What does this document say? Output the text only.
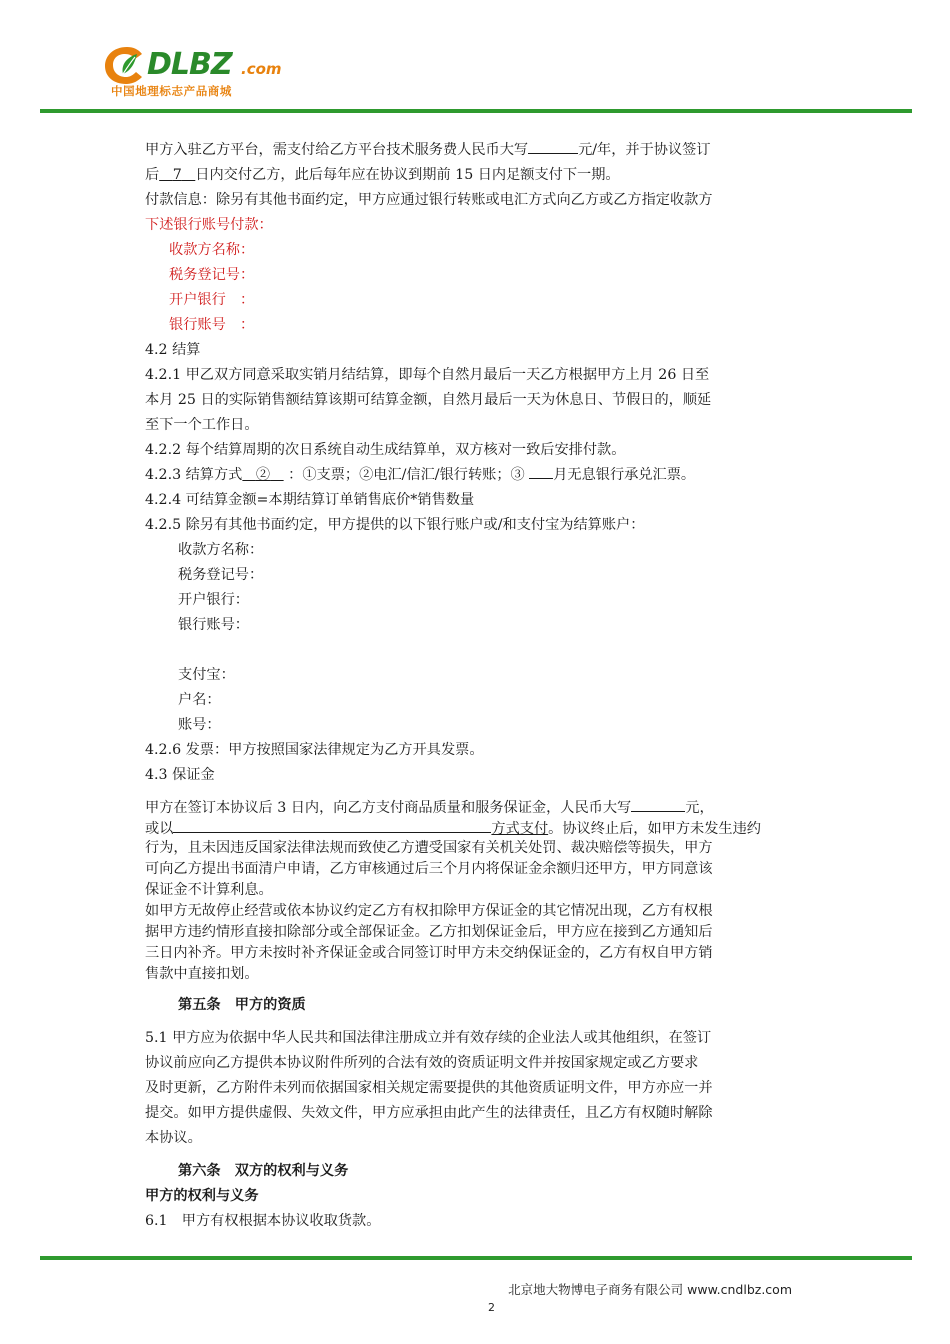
DLBZ .com
中国地理标志产品商城
甲方入驻乙方平台，需支付给乙方平台技术服务费人民币大写	元/年，并于协议签订
后 7 日内交付乙方，此后每年应在协议到期前 15 日内足额支付下一期。
付款信息：除另有其他书面约定，甲方应通过银行转账或电汇方式向乙方或乙方指定收款方
下述银行账号付款：
收款方名称：
税务登记号：
开户银行　：
银行账号　：
4.2 结算
4.2.1 甲乙双方同意采取实销月结结算，即每个自然月最后一天乙方根据甲方上月 26 日至
本月 25 日的实际销售额结算该期可结算金额，自然月最后一天为休息日、节假日的，顺延
至下一个工作日。
4.2.2 每个结算周期的次日系统自动生成结算单，双方核对一致后安排付款。
4.2.3 结算方式 ② ：①支票；②电汇/信汇/银行转账；③ 月无息银行承兑汇票。
4.2.4 可结算金额=本期结算订单销售底价*销售数量
4.2.5 除另有其他书面约定，甲方提供的以下银行账户或/和支付宝为结算账户：
收款方名称：
税务登记号：
开户银行：
银行账号：
支付宝：
户名：
账号：
4.2.6 发票：甲方按照国家法律规定为乙方开具发票。
4.3 保证金
甲方在签订本协议后 3 日内，向乙方支付商品质量和服务保证金，人民币大写	元，
或以	方式支付。协议终止后，如甲方未发生违约
行为，且未因违反国家法律法规而致使乙方遭受国家有关机关处罚、裁决赔偿等损失，甲方
可向乙方提出书面清户申请，乙方审核通过后三个月内将保证金余额归还甲方，甲方同意该
保证金不计算利息。
如甲方无故停止经营或依本协议约定乙方有权扣除甲方保证金的其它情况出现，乙方有权根
据甲方违约情形直接扣除部分或全部保证金。乙方扣划保证金后，甲方应在接到乙方通知后
三日内补齐。甲方未按时补齐保证金或合同签订时甲方未交纳保证金的，乙方有权自甲方销
售款中直接扣划。
第五条　甲方的资质
5.1 甲方应为依据中华人民共和国法律注册成立并有效存续的企业法人或其他组织，在签订
协议前应向乙方提供本协议附件所列的合法有效的资质证明文件并按国家规定或乙方要求
及时更新，乙方附件未列而依据国家相关规定需要提供的其他资质证明文件，甲方亦应一并
提交。如甲方提供虚假、失效文件，甲方应承担由此产生的法律责任，且乙方有权随时解除
本协议。
第六条　双方的权利与义务
甲方的权利与义务
6.1　甲方有权根据本协议收取货款。
北京地大物博电子商务有限公司 www.cndlbz.com
2
